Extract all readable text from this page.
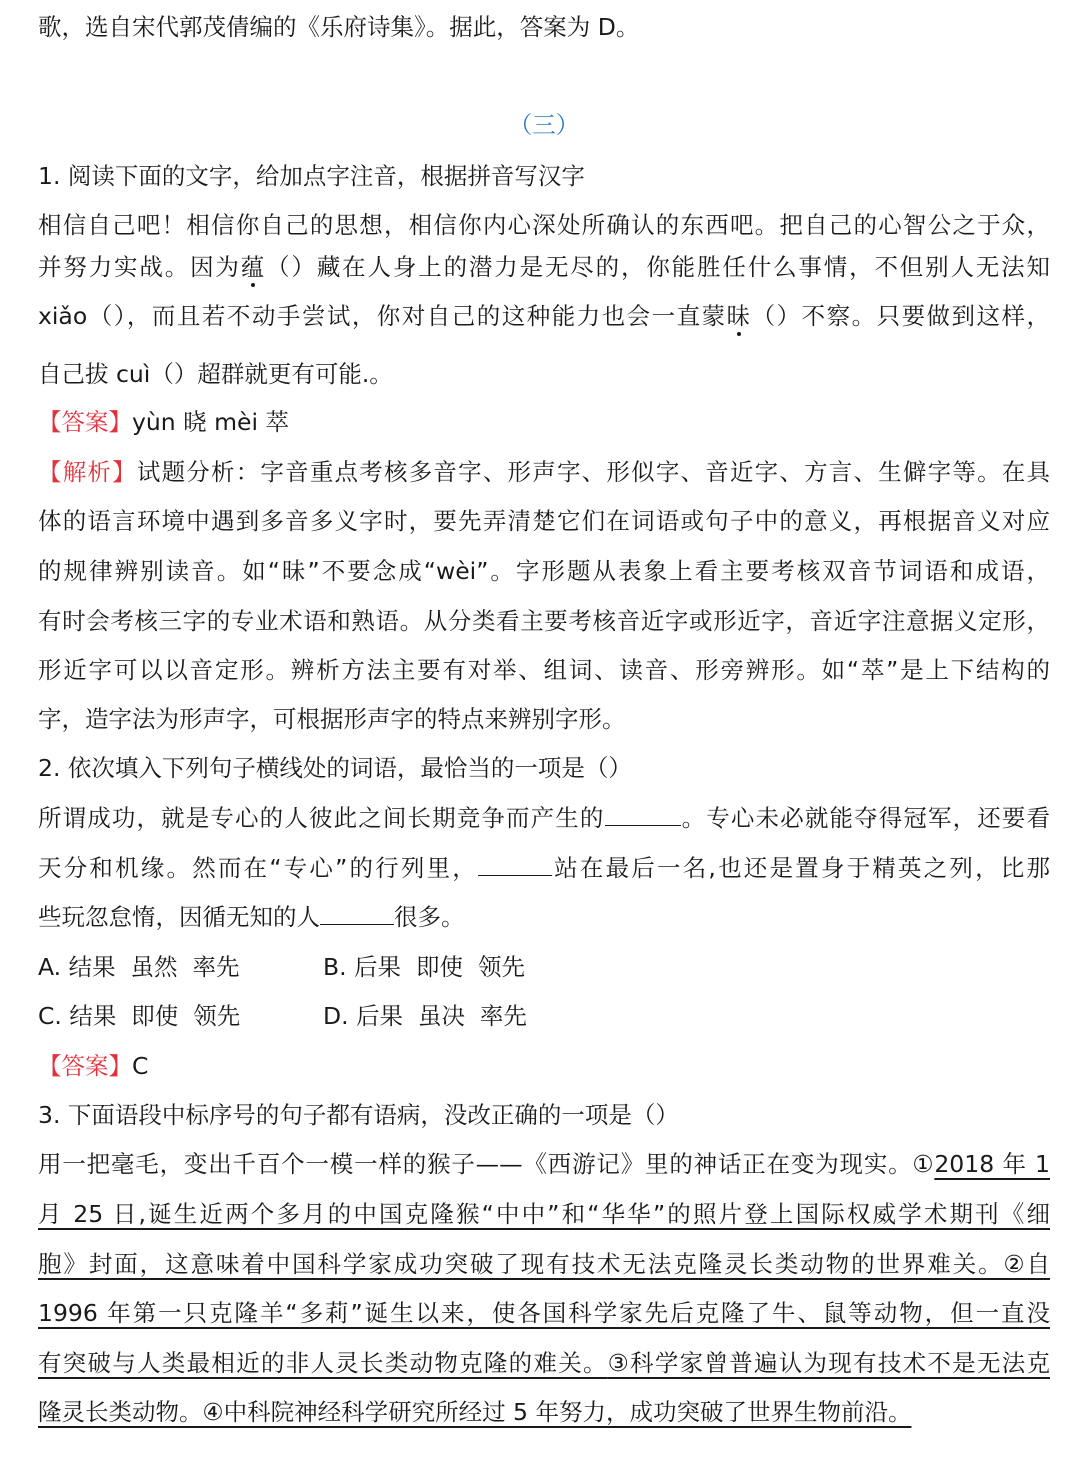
歌，选自宋代郭茂倩编的《乐府诗集》。据此，答案为 D。
（三）
1. 阅读下面的文字，给加点字注音，根据拼音写汉字
相信自己吧！相信你自己的思想，相信你内心深处所确认的东西吧。把自己的心智公之于众，
并努力实战。因为蕴（）藏在人身上的潜力是无尽的，你能胜任什么事情，不但别人无法知
xiǎo（），而且若不动手尝试，你对自己的这种能力也会一直蒙昧（）不察。只要做到这样，
自己拔 cuì（）超群就更有可能.。
【答案】yùn 晓 mèi 萃
【解析】试题分析：字音重点考核多音字、形声字、形似字、音近字、方言、生僻字等。在具
体的语言环境中遇到多音多义字时，要先弄清楚它们在词语或句子中的意义，再根据音义对应
的规律辨别读音。如“昧”不要念成“wèi”。字形题从表象上看主要考核双音节词语和成语，
有时会考核三字的专业术语和熟语。从分类看主要考核音近字或形近字，音近字注意据义定形，
形近字可以以音定形。辨析方法主要有对举、组词、读音、形旁辨形。如“萃”是上下结构的
字，造字法为形声字，可根据形声字的特点来辨别字形。
2. 依次填入下列句子横线处的词语，最恰当的一项是（）
所谓成功，就是专心的人彼此之间长期竞争而产生的	。专心未必就能夺得冠军，还要看
天分和机缘。然而在“专心”的行列里，	站在最后一名,也还是置身于精英之列，比那
些玩忽怠惰，因循无知的人	很多。
A. 结果  虽然  率先	B. 后果  即使  领先
C. 结果  即使  领先	D. 后果  虽决  率先
【答案】C
3. 下面语段中标序号的句子都有语病，没改正确的一项是（）
用一把毫毛，变出千百个一模一样的猴子——《西游记》里的神话正在变为现实。①2018 年 1
月 25 日,诞生近两个多月的中国克隆猴“中中”和“华华”的照片登上国际权威学术期刊《细
胞》封面，这意味着中国科学家成功突破了现有技术无法克隆灵长类动物的世界难关。②自
1996 年第一只克隆羊“多莉”诞生以来，使各国科学家先后克隆了牛、鼠等动物，但一直没
有突破与人类最相近的非人灵长类动物克隆的难关。③科学家曾普遍认为现有技术不是无法克
隆灵长类动物。④中科院神经科学研究所经过 5 年努力，成功突破了世界生物前沿。
